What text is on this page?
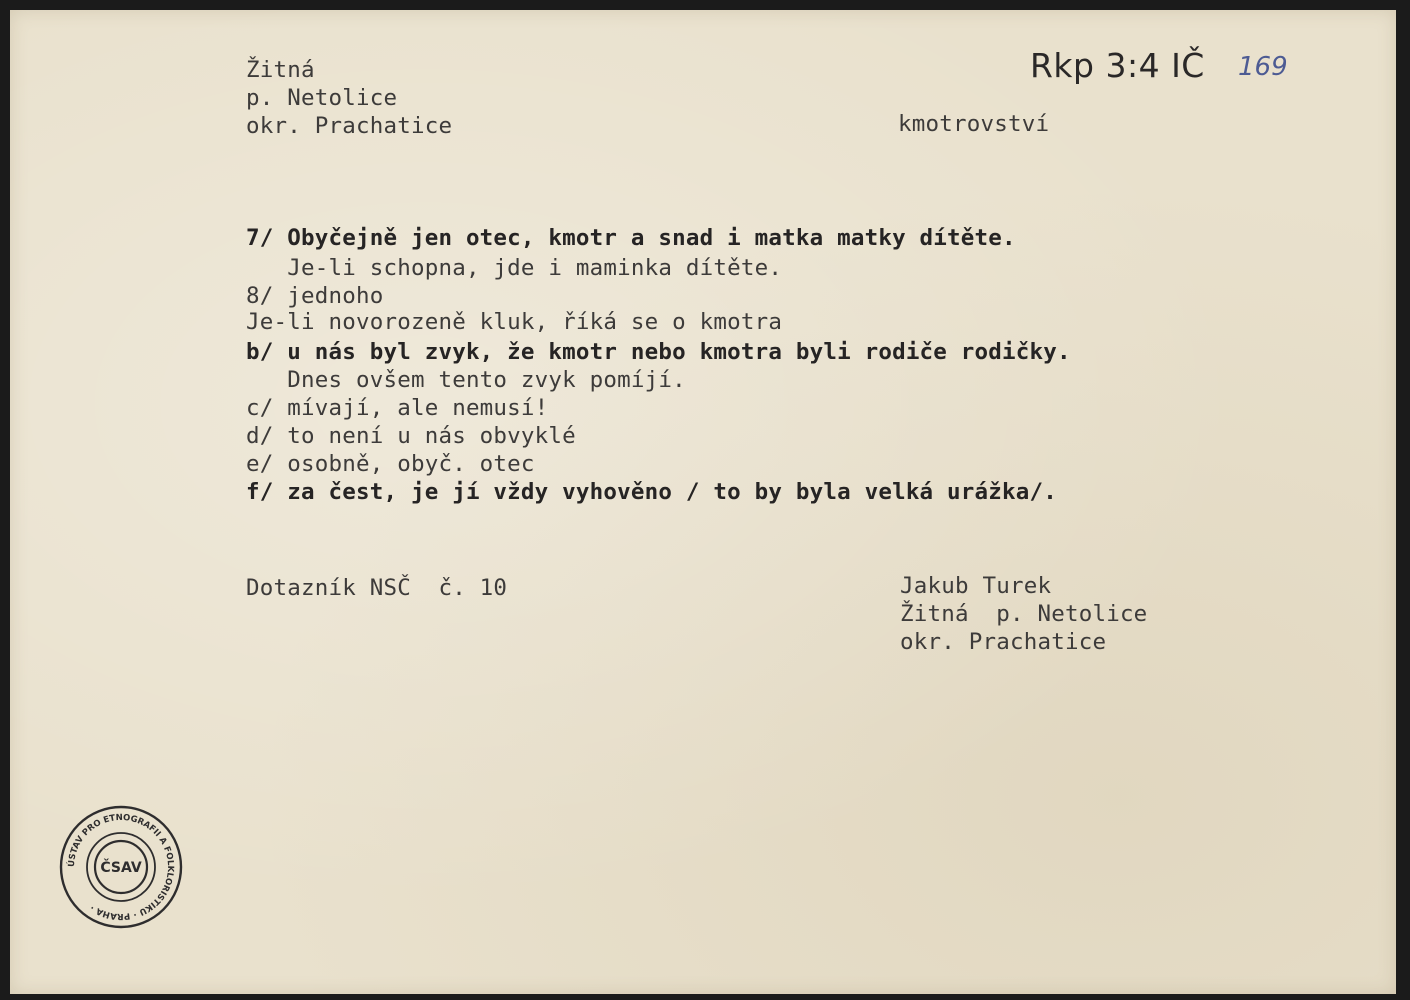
Žitná
p. Netolice
okr. Prachatice	kmotrovství
Rkp 3:4 IČ 169
7/ Obyčejně jen otec, kmotr a snad i matka matky dítěte.
Je-li schopna, jde i maminka dítěte.
8/ jednoho
Je-li novorozeně kluk, říká se o kmotra
b/ u nás byl zvyk, že kmotr nebo kmotra byli rodiče rodičky.
Dnes ovšem tento zvyk pomíjí.
c/ mívají, ale nemusí!
d/ to není u nás obvyklé
e/ osobně, obyč. otec
f/ za čest, je jí vždy vyhověno / to by byla velká urážka/.
Dotazník NSČ  č. 10	Jakub Turek
Žitná  p. Netolice
okr. Prachatice
ÚSTAV PRO ETNOGRAFII A FOLKLORISTIKU · PRAHA ·
ČSAV
